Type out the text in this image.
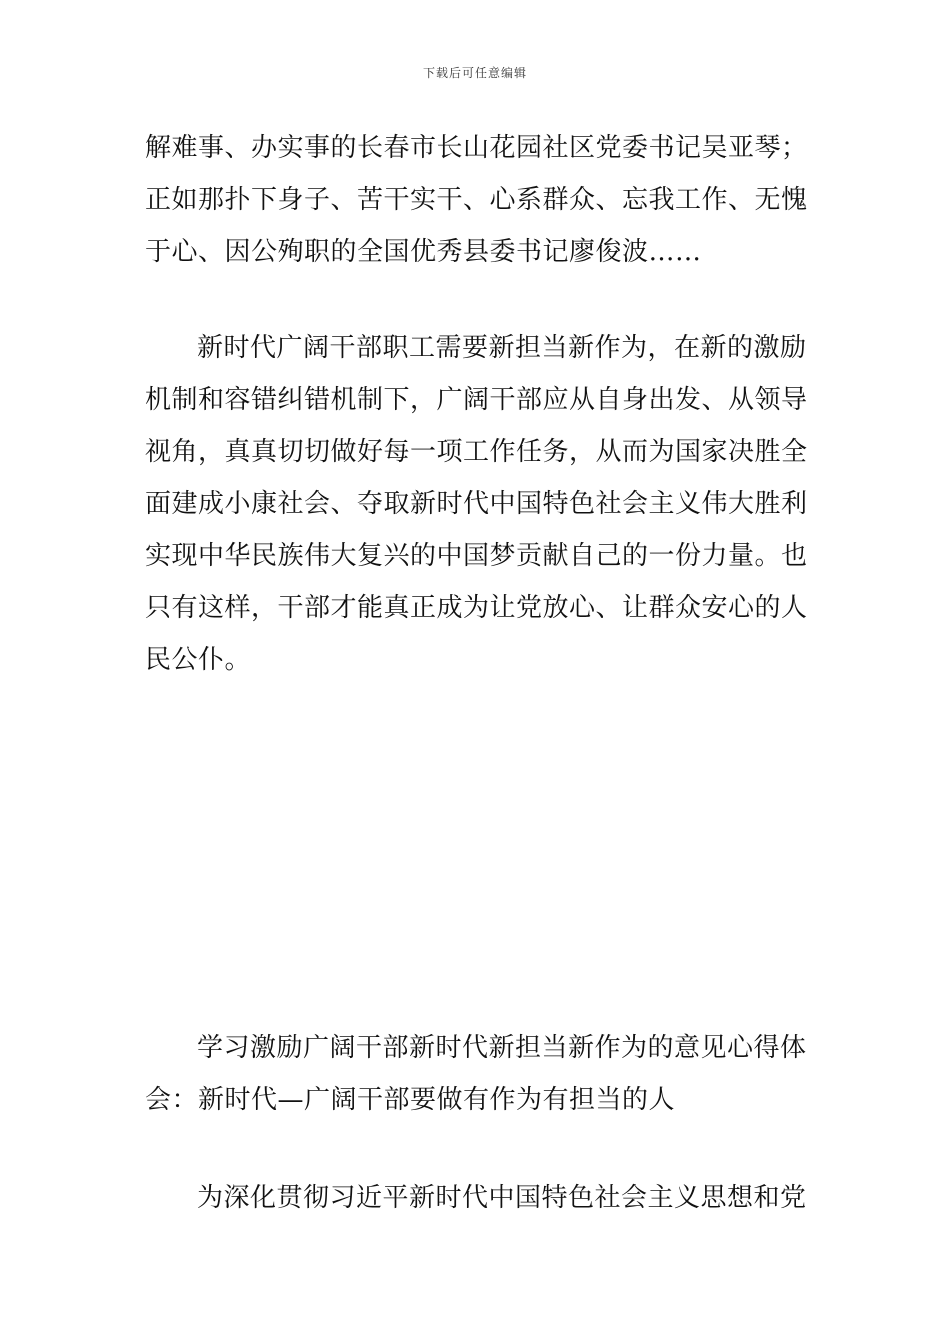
下载后可任意编辑
解难事、办实事的长春市长山花园社区党委书记吴亚琴；
正如那扑下身子、苦干实干、心系群众、忘我工作、无愧
于心、因公殉职的全国优秀县委书记廖俊波……
新时代广阔干部职工需要新担当新作为，在新的激励
机制和容错纠错机制下，广阔干部应从自身出发、从领导
视角，真真切切做好每一项工作任务，从而为国家决胜全
面建成小康社会、夺取新时代中国特色社会主义伟大胜利
实现中华民族伟大复兴的中国梦贡献自己的一份力量。也
只有这样，干部才能真正成为让党放心、让群众安心的人
民公仆。
学习激励广阔干部新时代新担当新作为的意见心得体
会：新时代—广阔干部要做有作为有担当的人
为深化贯彻习近平新时代中国特色社会主义思想和党
